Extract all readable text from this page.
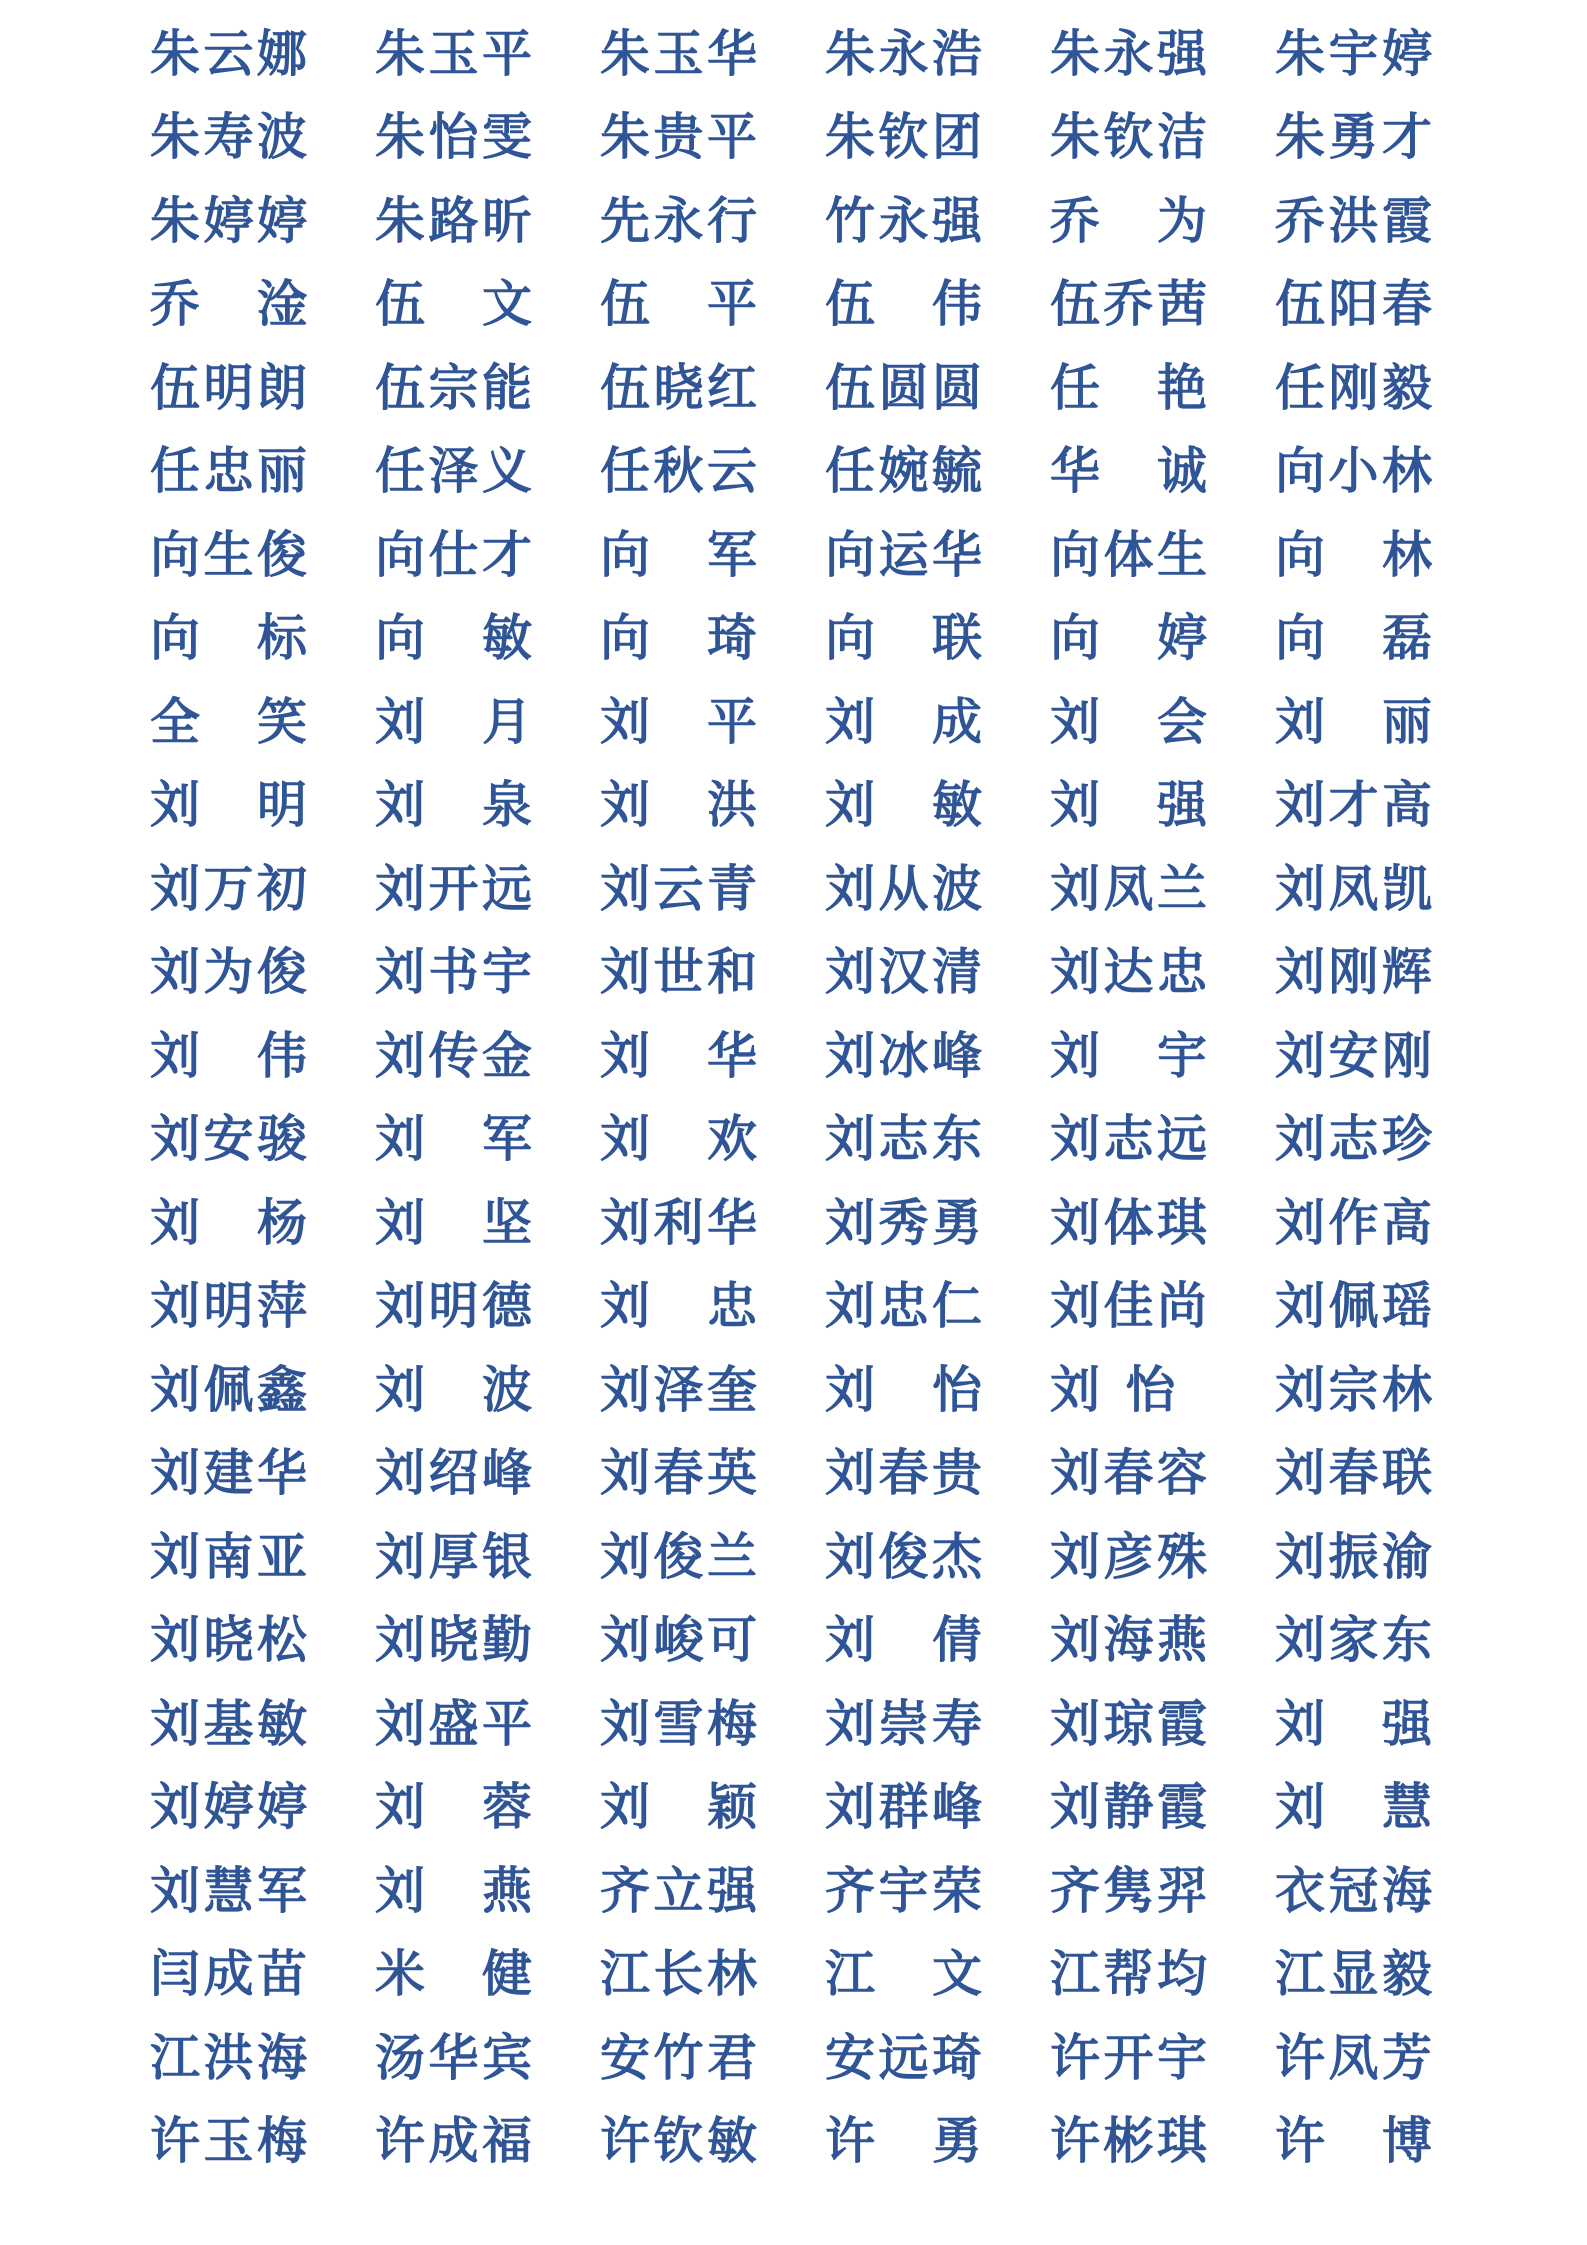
朱 云 娜 朱 玉 平 朱 玉 华 朱 永 浩 朱 永 强 朱 宇 婷
朱 寿 波 朱 怡 雯 朱 贵 平 朱 钦 团 朱 钦 洁 朱 勇 才
朱 婷 婷 朱 路 昕 先 永 行 竹 永 强 乔 为 乔 洪 霞
乔 淦 伍 文 伍 平 伍 伟 伍 乔 茜 伍 阳 春
伍 明 朗 伍 宗 能 伍 晓 红 伍 圆 圆 任 艳 任 刚 毅
任 忠 丽 任 泽 义 任 秋 云 任 婉 毓 华 诚 向 小 林
向 生 俊 向 仕 才 向 军 向 运 华 向 体 生 向 林
向 标 向 敏 向 琦 向 联 向 婷 向 磊
全 笑 刘 月 刘 平 刘 成 刘 会 刘 丽
刘 明 刘 泉 刘 洪 刘 敏 刘 强 刘 才 高
刘 万 初 刘 开 远 刘 云 青 刘 从 波 刘 凤 兰 刘 凤 凯
刘 为 俊 刘 书 宇 刘 世 和 刘 汉 清 刘 达 忠 刘 刚 辉
刘 伟 刘 传 金 刘 华 刘 冰 峰 刘 宇 刘 安 刚
刘 安 骏 刘 军 刘 欢 刘 志 东 刘 志 远 刘 志 珍
刘 杨 刘 坚 刘 利 华 刘 秀 勇 刘 体 琪 刘 作 高
刘 明 萍 刘 明 德 刘 忠 刘 忠 仁 刘 佳 尚 刘 佩 瑶
刘 佩 鑫 刘 波 刘 泽 奎 刘 怡 刘 怡 刘 宗 林
刘 建 华 刘 绍 峰 刘 春 英 刘 春 贵 刘 春 容 刘 春 联
刘 南 亚 刘 厚 银 刘 俊 兰 刘 俊 杰 刘 彦 殊 刘 振 渝
刘 晓 松 刘 晓 勤 刘 峻 可 刘 倩 刘 海 燕 刘 家 东
刘 基 敏 刘 盛 平 刘 雪 梅 刘 崇 寿 刘 琼 霞 刘 强
刘 婷 婷 刘 蓉 刘 颖 刘 群 峰 刘 静 霞 刘 慧
刘 慧 军 刘 燕 齐 立 强 齐 宇 荣 齐 隽 羿 衣 冠 海
闫 成 苗 米 健 江 长 林 江 文 江 帮 均 江 显 毅
江 洪 海 汤 华 宾 安 竹 君 安 远 琦 许 开 宇 许 凤 芳
许 玉 梅 许 成 福 许 钦 敏 许 勇 许 彬 琪 许 博
